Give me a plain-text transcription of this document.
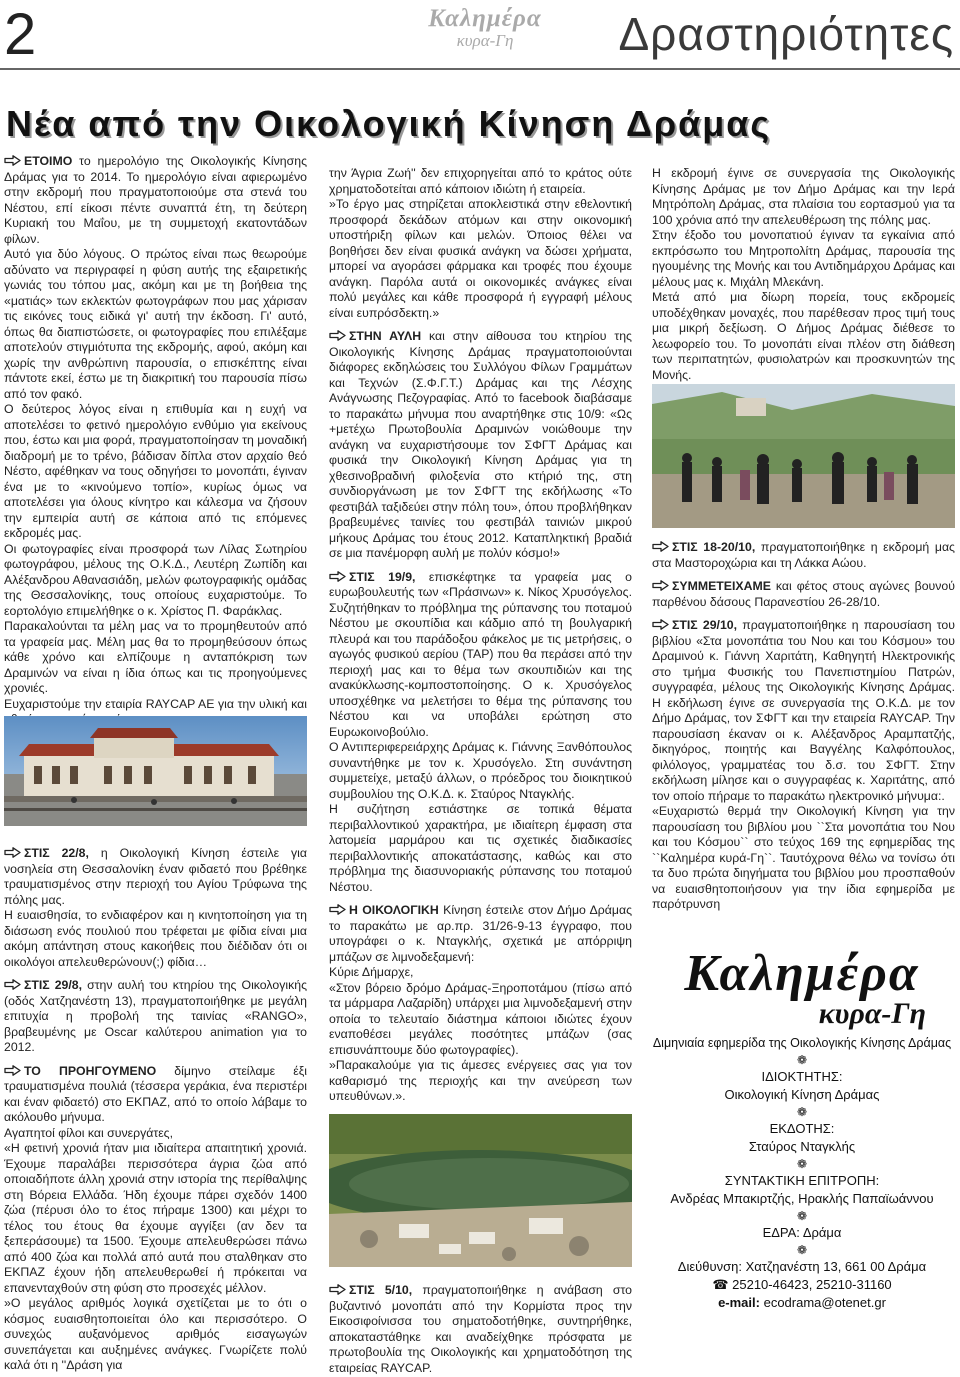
2	Καλημέρα
κυρα-Γη	Δραστηριότητες
Νέα από την Οικολογική Κίνηση Δράμας

ΕΤΟΙΜΟ το ημερολόγιο της Οικολογικής Κίνησης Δράμας για το 2014. Το ημερολόγιο είναι αφιερωμένο στην εκδρομή που πραγματοποιούμε στα στενά του Νέστου, επί είκοσι πέντε συναπτά έτη, τη δεύτερη Κυριακή του Μαΐου, με τη συμμετοχή εκατοντάδων φίλων.

Αυτό για δύο λόγους. Ο πρώτος είναι πως θεωρούμε αδύνατο να περιγραφεί η φύση αυτής της εξαιρετικής γωνιάς του τόπου μας, ακόμη και με τη βοήθεια της «ματιάς» των εκλεκτών φωτογράφων που μας χάρισαν τις εικόνες τους ειδικά γι' αυτή την έκδοση. Γι' αυτό, όπως θα διαπιστώσετε, οι φωτογραφίες που επιλέξαμε απoτελούν στιγμιότυπα της εκδρομής, αφού, ακόμη και χωρίς την ανθρώπινη παρουσία, ο επισκέπτης είναι πάντοτε εκεί, έστω με τη διακριτική του παρουσία πίσω από τον φακό.

Ο δεύτερος λόγος είναι η επιθυμία και η ευχή να αποτελέσει το φετινό ημερολόγιο ενθύμιο για εκείνους που, έστω και μια φορά, πραγματοποίησαν τη μοναδική διαδρομή με το τρένο, βάδισαν δίπλα στον αρχαίο θεό Νέστο, αφέθηκαν να τους οδηγήσει το μονοπάτι, έγιναν ένα με το «κινούμενο τοπίο», κυρίως όμως να αποτελέσει για όλους κίνητρο και κάλεσμα να ζήσουν την εμπειρία αυτή σε κάποια από τις επόμενες εκδρομές μας.

Οι φωτογραφίες είναι προσφορά των Λίλας Σωτηρίου φωτογράφου, μέλους της Ο.Κ.Δ., Λευτέρη Ζωπίδη και Αλέξανδρου Αθανασιάδη, μελών φωτογραφικής ομάδας της Θεσσαλονίκης, τους οποίους ευχαριστούμε. Το εορτολόγιο επιμελήθηκε ο κ. Χρίστος Π. Φαράκλας.

Παρακαλούνται τα μέλη μας να το προμηθευτούν από τα γραφεία μας. Μέλη μας θα το προμηθεύσουν όπως κάθε χρόνο και ελπίζουμε η ανταπόκριση των Δραμινών να είναι η ίδια όπως και τις προηγούμενες χρονιές.

Ευχαριστούμε την εταιρία RAYCAP AE για την υλική και

ΣΤΙΣ 22/8, η Οικολογική Κίνηση έστειλε για νοσηλεία στη Θεσσαλονίκη έναν φιδαετό που βρέθηκε τραυματισμένος στην περιοχή του Αγίου Τρύφωνα της πόλης μας.

Η ευαισθησία, το ενδιαφέρον και η κινητοποίηση για τη διάσωση ενός πουλιού που τρέφεται με φίδια είναι μια ακόμη απάντηση στους κακοήθεις που διέδιδαν ότι οι οικολόγοι απελευθερώνουν(;) φίδια…

ΣΤΙΣ 29/8, στην αυλή του κτηρίου της Οικολογικής (οδός Χατζηανέστη 13), πραγματοποιήθηκε με μεγάλη επιτυχία η προβολή της ταινίας «RANGO», βραβευμένης με Oscar καλύτερου animation για το 2012.

ΤΟ ΠΡΟΗΓΟΥΜΕΝΟ δίμηνο στείλαμε έξι τραυματισμένα πουλιά (τέσσερα γεράκια, ένα περιστέρι και έναν φιδαετό) στο ΕΚΠΑΖ, από το οποίο λάβαμε το ακόλουθο μήνυμα.

Αγαπητοί φίλοι και συνεργάτες,

«Η φετινή χρονιά ήταν μια ιδιαίτερα απαιτητική χρονιά. Έχουμε παραλάβει περισσότερα άγρια ζώα από οποιαδήποτε άλλη χρονιά στην ιστορία της περίθαλψης στη Βόρεια Ελλάδα. Ήδη έχουμε πάρει σχεδόν 1400 ζώα (πέρυσι όλο το έτος πήραμε 1300) και μέχρι το τέλος του έτους θα έχουμε αγγίξει (αν δεν τα ξεπεράσουμε) τα 1500. Έχουμε απελευθερώσει πάνω από 400 ζώα και πολλά από αυτά που σταλθηκαν στο ΕΚΠΑΖ έχουν ήδη απελευθερωθεί ή πρόκειται να επανενταχθούν στη φύση στο προσεχές μέλλον.

»Ο μεγάλος αριθμός λογικά σχετίζεται με το ότι ο κόσμος ευαισθητοποιείται όλο και περισσότερο. Ο συνεχώς αυξανόμενος αριθμός εισαγωγών συνεπάγεται και αυξημένες ανάγκες. Γνωρίζετε πολύ καλά ότι η ''Δράση για

την Άγρια Ζωή'' δεν επιχορηγείται από το κράτος ούτε χρηματοδοτείται από κάποιον ιδιώτη ή εταιρεία.

»Το έργο μας στηρίζεται αποκλειστικά στην εθελοντική προσφορά δεκάδων ατόμων και στην οικονομική υποστήριξη φίλων και μελών. Όποιος θέλει να βοηθήσει δεν είναι φυσικά ανάγκη να δώσει χρήματα, μπορεί να αγοράσει φάρμακα και τροφές που έχουμε ανάγκη. Παρόλα αυτά οι οικονομικές ανάγκες είναι πολύ μεγάλες και κάθε προσφορά ή εγγραφή μέλους είναι ευπρόσδεκτη.»

ΣΤΗΝ ΑΥΛΗ και στην αίθουσα του κτηρίου της Οικολογικής Κίνησης Δράμας πραγματοποιούνται διάφορες εκδηλώσεις του Συλλόγου Φίλων Γραμμάτων και Τεχνών (Σ.Φ.Γ.Τ.) Δράμας και της Λέσχης Ανάγνωσης Πεζογραφίας. Από το facebook διαβάσαμε το παρακάτω μήνυμα που αναρτήθηκε στις 10/9: «Ως +μετέχω Πρωτοβουλία Δραμινών νοιώθουμε την ανάγκη να ευχαριστήσουμε τον ΣΦΓΤ Δράμας και φυσικά την Οικολογική Κίνηση Δράμας για τη χθεσινοβραδινή φιλοξενία στο κτήριό της, στη συνδιοργάνωση με τον ΣΦΓΤ της εκδήλωσης «Το φεστιβάλ ταξιδεύει στην πόλη του», όπου προβλήθηκαν βραβευμένες ταινίες του φεστιβάλ ταινιών μικρού μήκους Δράμας του έτους 2012. Καταπληκτική βραδιά σε μια πανέμορφη αυλή με πολύν κόσμο!»

ΣΤΙΣ 19/9, επισκέφτηκε τα γραφεία μας ο ευρωβουλευτής των «Πράσινων» κ. Νίκος Χρυσόγελος. Συζητήθηκαν το πρόβλημα της ρύπανσης του ποταμού Νέστου με σκουπίδια και κάδμιο από τη βουλγαρική πλευρά και του παράδοξου φάκελος με τις μετρήσεις, ο αγωγός φυσικού αερίου (TAP) που θα περάσει από την περιοχή μας και το θέμα των σκουπιδιών και της ανακύκλωσης-κομποστοποίησης. Ο κ. Χρυσόγελος υποσχέθηκε να μελετήσει το θέμα της ρύπανσης του Νέστου και να υποβάλει ερώτηση στο Ευρωκοινοβούλιο.

Ο Αντιπεριφερειάρχης Δράμας κ. Γιάννης Ξανθόπουλος συναντήθηκε με τον κ. Χρυσόγελο. Στη συνάντηση συμμετείχε, μεταξύ άλλων, ο πρόεδρος του διοικητικού συμβουλίου της Ο.Κ.Δ. κ. Σταύρος Νταγκλής.

Η συζήτηση εστιάστηκε σε τοπικά θέματα περιβαλλοντικού χαρακτήρα, με ιδιαίτερη έμφαση στα λατομεία μαρμάρου και τις σχετικές διαδικασίες περιβαλλοντικής αποκατάστασης, καθώς και στο πρόβλημα της διασυνοριακής ρύπανσης του ποταμού Νέστου.

Η ΟΙΚΟΛΟΓΙΚΗ Κίνηση έστειλε στον Δήμο Δράμας το παρακάτω με αρ.πρ. 31/26-9-13 έγγραφο, που υπογράφει ο κ. Νταγκλής, σχετικά με απόρριψη μπάζων σε λιμνοδεξαμενή:

Κύριε Δήμαρχε,

«Στον βόρειο δρόμο Δράμας-Ξηροποτάμου (πίσω από τα μάρμαρα Λαζαρίδη) υπάρχει μια λιμνοδεξαμενή στην οποία το τελευταίο διάστημα κάποιοι ιδιώτες έχουν εναποθέσει μεγάλες ποσότητες μπάζων (σας επισυνάπτουμε δύο φωτογραφίες).

»Παρακαλούμε για τις άμεσες ενέργειες σας για τον καθαρισμό της περιοχής και την ανεύρεση των υπευθύνων.».

ΣΤΙΣ 5/10, πραγματοποιήθηκε η ανάβαση στο βυζαντινό μονοπάτι από την Κορμίστα προς την Εικοσιφοίνισσα του σηματοδοτήθηκε, συντηρήθηκε, αποκαταστάθηκε και αναδείχθηκε πρόσφατα με πρωτοβουλία της Οικολογικής και χρηματοδότηση της εταιρείας RAYCAP.

Η εκδρομή έγινε σε συνεργασία της Οικολογικής Κίνησης Δράμας με τον Δήμο Δράμας και την Ιερά Μητρόπολη Δράμας, στα πλαίσια του εορτασμού για τα 100 χρόνια από την απελευθέρωση της πόλης μας.

Στην έξοδο του μονοπατιού έγιναν τα εγκαίνια από εκπρόσωπο του Μητροπολίτη Δράμας, παρουσία της ηγουμένης της Μονής και του Αντιδημάρχου Δράμας και μέλους μας κ. Μιχάλη Μλεκάνη.

Μετά από μια δίωρη πορεία, τους εκδρομείς υποδέχθηκαν μοναχές, που παρέθεσαν προς τιμή τους μια μικρή δεξίωση. Ο Δήμος Δράμας διέθεσε το λεωφορείο του. Το μονοπάτι είναι πλέον στη διάθεση των περιπατητών, φυσιολατρών και προσκυνητών της Μονής.

ΣΤΙΣ 18-20/10, πραγματοποιήθηκε η εκδρομή μας στα Μαστοροχώρια και τη Λάκκα Αώου.

ΣΥΜΜΕΤΕΙΧΑΜΕ και φέτος στους αγώνες βουνού παρθένου δάσους Παρανεστίου 26-28/10.

ΣΤΙΣ 29/10, πραγματοποιήθηκε η παρουσίαση του βιβλίου «Στα μονοπάτια του Νου και του Κόσμου» του Δραμινού κ. Γιάννη Χαριτάτη, Καθηγητή Ηλεκτρονικής στο τμήμα Φυσικής του Πανεπιστημίου Πατρών, συγγραφέα, μέλους της Οικολογικής Κίνησης Δράμας. Η εκδήλωση έγινε σε συνεργασία της Ο.Κ.Δ. με τον Δήμο Δράμας, τον ΣΦΓΤ και την εταιρεία RAYCAP. Την παρουσίαση έκαναν οι κ. Αλέξανδρος Αραμπατζής, δικηγόρος, ποιητής και Βαγγέλης Καλφόπουλος, φιλόλογος, γραμματέας του δ.σ. του ΣΦΓΤ. Στην εκδήλωση μίλησε και ο συγγραφέας κ. Χαριτάτης, από τον οποίο πήραμε το παρακάτω ηλεκτρονικό μήνυμα:.

«Ευχαριστώ θερμά την Οικολογική Κίνηση για την παρουσίαση του βιβλίου μου ``Στα μονοπάτια του Νου και του Κόσμου`` στο τεύχος 169 της εφημερίδας της ``Καλημέρα κυρά-Γη``. Ταυτόχρονα θέλω να τονίσω ότι τα δυο πρώτα διηγήματα του βιβλίου μου προσπαθούν να ευαισθητοποιήσουν για την ίδια εφημερίδα με παρότρυνση

Καλημέρα
κυρα-Γη
Διμηνιαία εφημερίδα της Οικολογικής Κίνησης Δράμας
❁
ΙΔΙΟΚΤΗΤΗΣ:
Οικολογική Κίνηση Δράμας
❁
ΕΚΔΟΤΗΣ:
Σταύρος Νταγκλής
❁
ΣΥΝΤΑΚΤΙΚΗ ΕΠΙΤΡΟΠΗ:
Ανδρέας Μπακιρτζής, Ηρακλής Παπαϊωάννου
❁
ΕΔΡΑ: Δράμα
❁
Διεύθυνση: Χατζηανέστη 13, 661 00 Δράμα
☎ 25210-46423, 25210-31160
e-mail: ecodrama@otenet.gr
